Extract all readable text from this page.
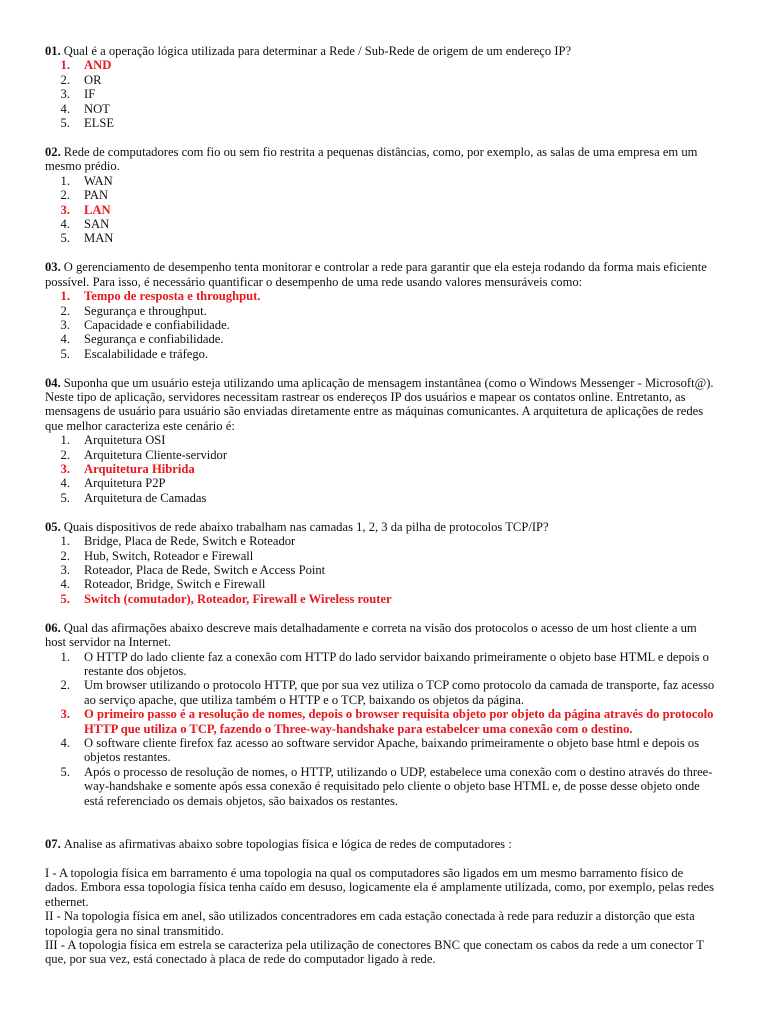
01. Qual é a operação lógica utilizada para determinar a Rede / Sub-Rede de origem de um endereço IP?

1. AND
2. OR
3. IF
4. NOT
5. ELSE

02. Rede de computadores com fio ou sem fio restrita a pequenas distâncias, como, por exemplo, as salas de uma empresa em um mesmo prédio.

1. WAN
2. PAN
3. LAN
4. SAN
5. MAN

03. O gerenciamento de desempenho tenta monitorar e controlar a rede para garantir que ela esteja rodando da forma mais eficiente possível. Para isso, é necessário quantificar o desempenho de uma rede usando valores mensuráveis como:

1. Tempo de resposta e throughput.
2. Segurança e throughput.
3. Capacidade e confiabilidade.
4. Segurança e confiabilidade.
5. Escalabilidade e tráfego.

04. Suponha que um usuário esteja utilizando uma aplicação de mensagem instantânea (como o Windows Messenger - Microsoft@). Neste tipo de aplicação, servidores necessitam rastrear os endereços IP dos usuários e mapear os contatos online. Entretanto, as mensagens de usuário para usuário são enviadas diretamente entre as máquinas comunicantes. A arquitetura de aplicações de redes que melhor caracteriza este cenário é:

1. Arquitetura OSI
2. Arquitetura Cliente-servidor
3. Arquitetura Hibrida
4. Arquitetura P2P
5. Arquitetura de Camadas

05. Quais dispositivos de rede abaixo trabalham nas camadas 1, 2, 3 da pilha de protocolos TCP/IP?

1. Bridge, Placa de Rede, Switch e Roteador
2. Hub, Switch, Roteador e Firewall
3. Roteador, Placa de Rede, Switch e Access Point
4. Roteador, Bridge, Switch e Firewall
5. Switch (comutador), Roteador, Firewall e Wireless router

06. Qual das afirmações abaixo descreve mais detalhadamente e correta na visão dos protocolos o acesso de um host cliente a um host servidor na Internet.

1. O HTTP do lado cliente faz a conexão com HTTP do lado servidor baixando primeiramente o objeto base HTML e depois o restante dos objetos.
2. Um browser utilizando o protocolo HTTP, que por sua vez utiliza o TCP como protocolo da camada de transporte, faz acesso ao serviço apache, que utiliza também o HTTP e o TCP, baixando os objetos da página.
3. O primeiro passo é a resolução de nomes, depois o browser requisita objeto por objeto da página através do protocolo HTTP que utiliza o TCP, fazendo o Three-way-handshake para estabelcer uma conexão com o destino.
4. O software cliente firefox faz acesso ao software servidor Apache, baixando primeiramente o objeto base html e depois os objetos restantes.
5. Após o processo de resolução de nomes, o HTTP, utilizando o UDP, estabelece uma conexão com o destino através do three-way-handshake e somente após essa conexão é requisitado pelo cliente o objeto base HTML e, de posse desse objeto onde está referenciado os demais objetos, são baixados os restantes.

07. Analise as afirmativas abaixo sobre topologias física e lógica de redes de computadores :

I - A topologia física em barramento é uma topologia na qual os computadores são ligados em um mesmo barramento físico de dados. Embora essa topologia física tenha caído em desuso, logicamente ela é amplamente utilizada, como, por exemplo, pelas redes ethernet.

II - Na topologia física em anel, são utilizados concentradores em cada estação conectada à rede para reduzir a distorção que esta topologia gera no sinal transmitido.

III - A topologia física em estrela se caracteriza pela utilização de conectores BNC que conectam os cabos da rede a um conector T que, por sua vez, está conectado à placa de rede do computador ligado à rede.
